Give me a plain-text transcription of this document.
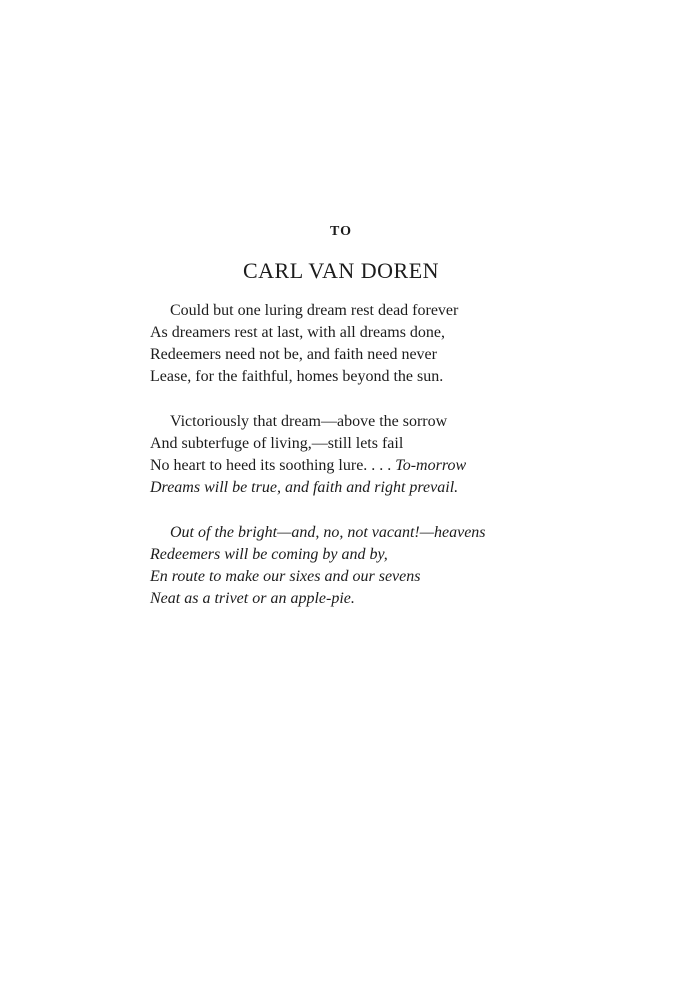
TO
CARL VAN DOREN
Could but one luring dream rest dead forever
As dreamers rest at last, with all dreams done,
Redeemers need not be, and faith need never
Lease, for the faithful, homes beyond the sun.
Victoriously that dream—above the sorrow
And subterfuge of living,—still lets fail
No heart to heed its soothing lure. . . . To-morrow
Dreams will be true, and faith and right prevail.
Out of the bright—and, no, not vacant!—heavens
Redeemers will be coming by and by,
En route to make our sixes and our sevens
Neat as a trivet or an apple-pie.
